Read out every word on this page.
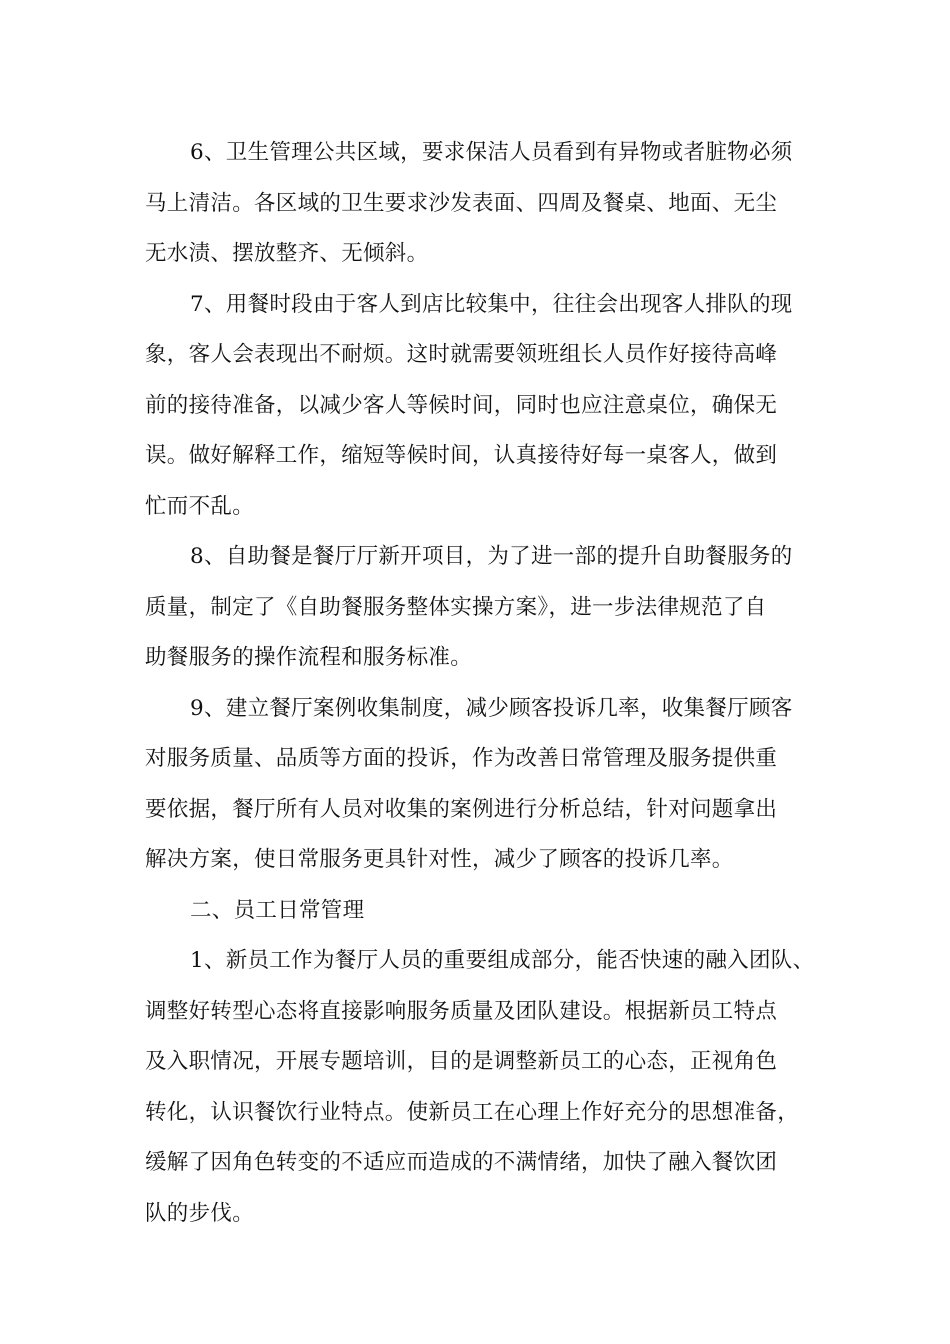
6、卫生管理公共区域，要求保洁人员看到有异物或者脏物必须
马上清洁。各区域的卫生要求沙发表面、四周及餐桌、地面、无尘
无水渍、摆放整齐、无倾斜。
7、用餐时段由于客人到店比较集中，往往会出现客人排队的现
象，客人会表现出不耐烦。这时就需要领班组长人员作好接待高峰
前的接待准备，以减少客人等候时间，同时也应注意桌位，确保无
误。做好解释工作，缩短等候时间，认真接待好每一桌客人，做到
忙而不乱。
8、自助餐是餐厅厅新开项目，为了进一部的提升自助餐服务的
质量，制定了《自助餐服务整体实操方案》，进一步法律规范了自
助餐服务的操作流程和服务标准。
9、建立餐厅案例收集制度，减少顾客投诉几率，收集餐厅顾客
对服务质量、品质等方面的投诉，作为改善日常管理及服务提供重
要依据，餐厅所有人员对收集的案例进行分析总结，针对问题拿出
解决方案，使日常服务更具针对性，减少了顾客的投诉几率。
二、员工日常管理
1、新员工作为餐厅人员的重要组成部分，能否快速的融入团队、
调整好转型心态将直接影响服务质量及团队建设。根据新员工特点
及入职情况，开展专题培训，目的是调整新员工的心态，正视角色
转化，认识餐饮行业特点。使新员工在心理上作好充分的思想准备，
缓解了因角色转变的不适应而造成的不满情绪，加快了融入餐饮团
队的步伐。
